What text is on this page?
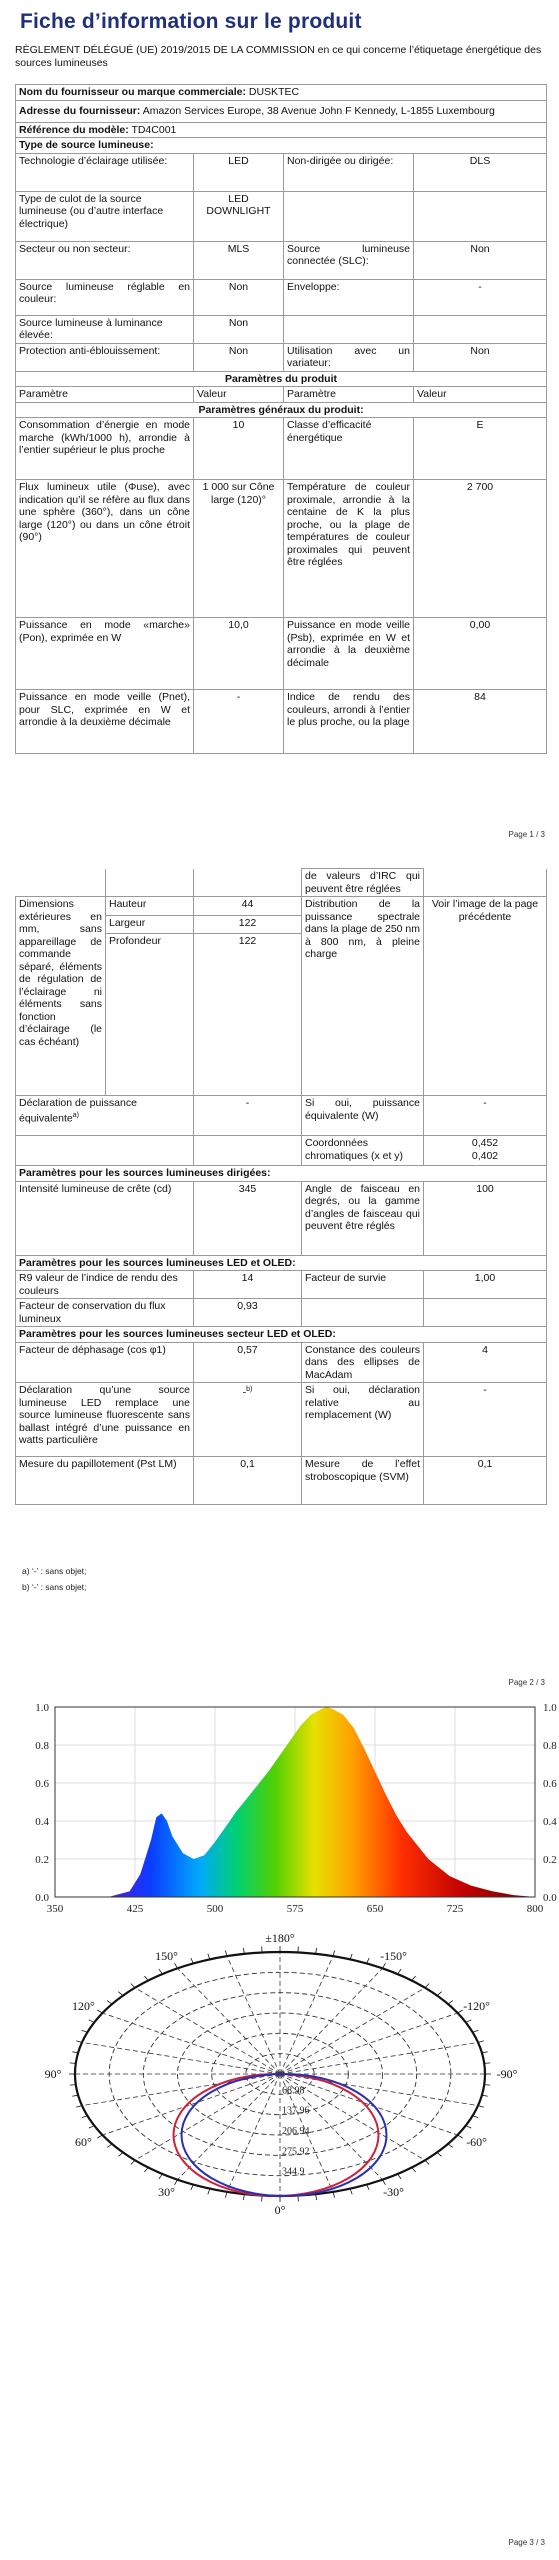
Fiche d’information sur le produit
RÈGLEMENT DÉLÉGUÉ (UE) 2019/2015 DE LA COMMISSION en ce qui concerne l’étiquetage énergétique des sources lumineuses
Nom du fournisseur ou marque commerciale: DUSKTEC			
Adresse du fournisseur: Amazon Services Europe, 38 Avenue John F Kennedy, L-1855 Luxembourg			
Référence du modèle: TD4C001			
Type de source lumineuse:			
Technologie d’éclairage utilisée:	LED	Non-dirigée ou dirigée:	DLS
Type de culot de la source lumineuse (ou d’autre interface électrique)	LED DOWNLIGHT		
Secteur ou non secteur:	MLS	Source lumineuse connectée (SLC):	Non
Source lumineuse réglable en couleur:	Non	Enveloppe:	-
Source lumineuse à luminance élevée:	Non		
Protection anti-éblouissement:	Non	Utilisation avec un variateur:	Non
Paramètres du produit			
Paramètre	Valeur	Paramètre	Valeur
Paramètres généraux du produit:			
Consommation d’énergie en mode marche (kWh/1000 h), arrondie à l’entier supérieur le plus proche	10	Classe d’efficacité énergétique	E
Flux lumineux utile (Φuse), avec indication qu’il se réfère au flux dans une sphère (360°), dans un cône large (120°) ou dans un cône étroit (90°)	1 000 sur Cône large (120)°	Température de couleur proximale, arrondie à la centaine de K la plus proche, ou la plage de températures de couleur proximales qui peuvent être réglées	2 700
Puissance en mode «marche» (Pon), exprimée en W	10,0	Puissance en mode veille (Psb), exprimée en W et arrondie à la deuxième décimale	0,00
Puissance en mode veille (Pnet), pour SLC, exprimée en W et arrondie à la deuxième décimale	-	Indice de rendu des couleurs, arrondi à l’entier le plus proche, ou la plage	84
Page 1 / 3
			de valeurs d’IRC qui peuvent être réglées	
Dimensions extérieures en mm, sans appareillage de commande séparé, éléments de régulation de l’éclairage ni éléments sans fonction d’éclairage (le cas échéant)	Hauteur	44	Distribution de la puissance spectrale dans la plage de 250 nm à 800 nm, à pleine charge	Voir l’image de la page précédente
	Largeur	122		
	Profondeur	122		
Déclaration de puissance équivalente$^{a)}$		-	Si oui, puissance équivalente (W)	-
			Coordonnées chromatiques (x et y)	0,452
0,402
Paramètres pour les sources lumineuses dirigées:				
Intensité lumineuse de crête (cd)		345	Angle de faisceau en degrés, ou la gamme d’angles de faisceau qui peuvent être réglés	100
Paramètres pour les sources lumineuses LED et OLED:				
R9 valeur de l’indice de rendu des couleurs		14	Facteur de survie	1,00
Facteur de conservation du flux lumineux		0,93		
Paramètres pour les sources lumineuses secteur LED et OLED:				
Facteur de déphasage (cos φ1)		0,57	Constance des couleurs dans des ellipses de MacAdam	4
Déclaration qu’une source lumineuse LED remplace une source lumineuse fluorescente sans ballast intégré d’une puissance en watts particulière		-$^{b)}$	Si oui, déclaration relative au remplacement (W)	-
Mesure du papillotement (Pst LM)		0,1	Mesure de l’effet stroboscopique (SVM)	0,1
a) ‘-’ : sans objet;
b) ‘-’ : sans objet;
Page 2 / 3
0.0	0.0
0.2	0.2
0.4	0.4
0.6	0.6
0.8	0.8
1.0	1.0
350	425	500	575	650	725	800
±180°
-150°
150°
-120°
120°
-90°
90°
-60°
60°
-30°
30°
0°
68.98
137.96
206.94
275.92
344.9
Page 3 / 3
